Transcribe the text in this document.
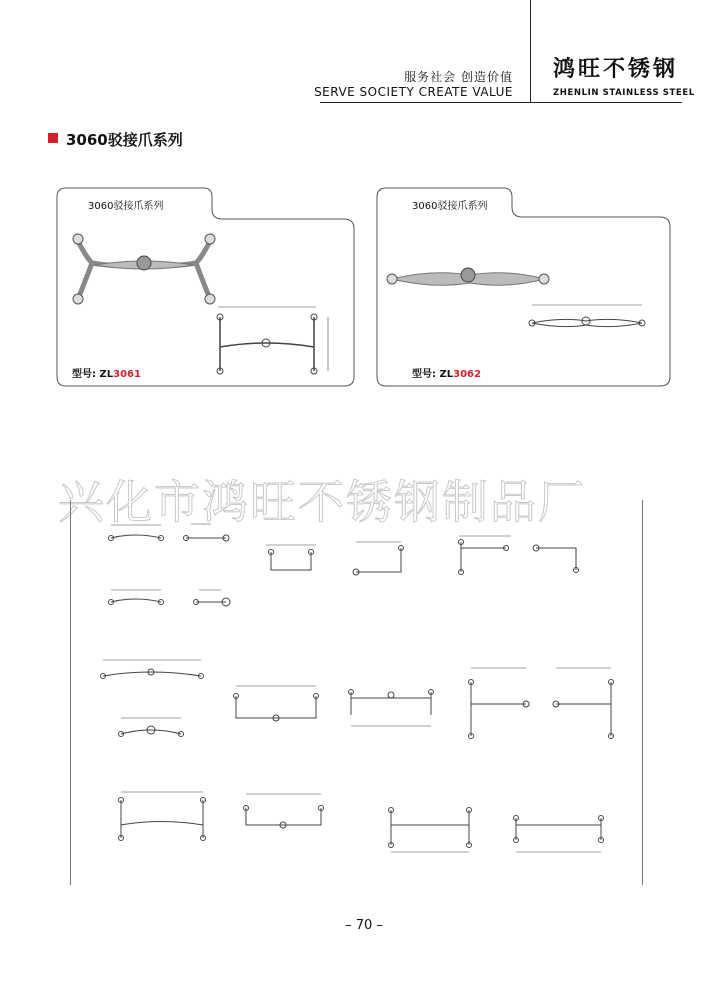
服务社会 创造价值
SERVE SOCIETY CREATE VALUE
鸿旺不锈钢
ZHENLIN STAINLESS STEEL
3060驳接爪系列
3060驳接爪系列
型号: ZL3061
3060驳接爪系列
型号: ZL3062
兴化市鸿旺不锈钢制品厂
– 70 –
